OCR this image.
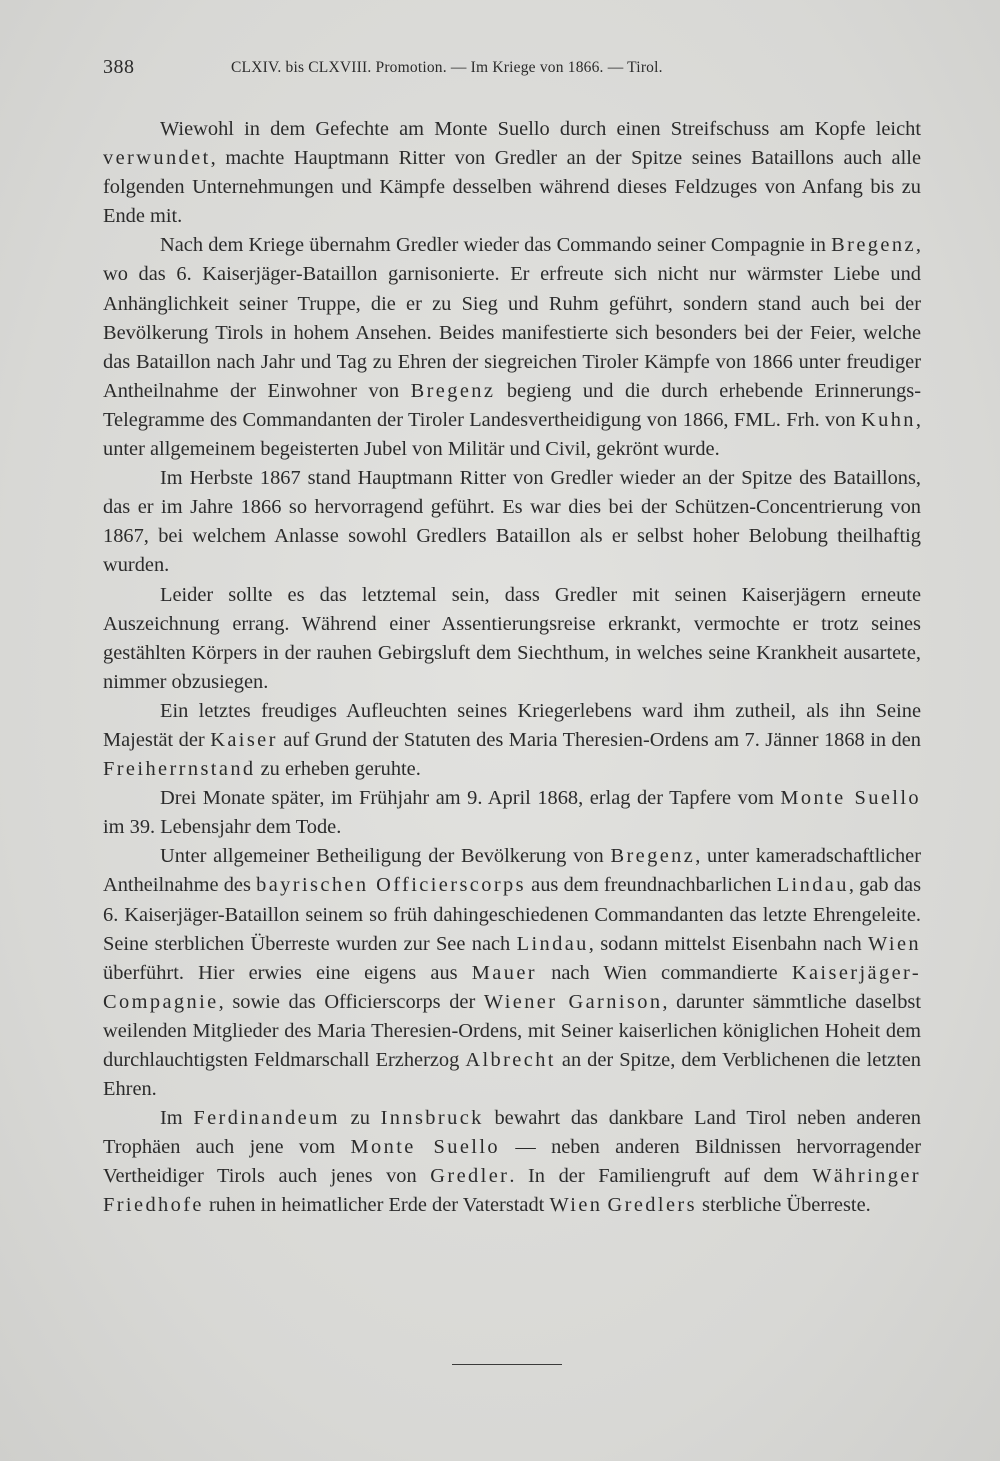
388	CLXIV. bis CLXVIII. Promotion. — Im Kriege von 1866. — Tirol.

Wiewohl in dem Gefechte am Monte Suello durch einen Streifschuss am Kopfe leicht verwundet, machte Hauptmann Ritter von Gredler an der Spitze seines Bataillons auch alle folgenden Unternehmungen und Kämpfe desselben während dieses Feldzuges von Anfang bis zu Ende mit.

Nach dem Kriege übernahm Gredler wieder das Commando seiner Compagnie in Bregenz, wo das 6. Kaiserjäger-Bataillon garnisonierte. Er erfreute sich nicht nur wärmster Liebe und Anhänglichkeit seiner Truppe, die er zu Sieg und Ruhm geführt, sondern stand auch bei der Bevölkerung Tirols in hohem Ansehen. Beides manifestierte sich besonders bei der Feier, welche das Bataillon nach Jahr und Tag zu Ehren der siegreichen Tiroler Kämpfe von 1866 unter freudiger Antheilnahme der Einwohner von Bregenz begieng und die durch erhebende Erinnerungs-Telegramme des Commandanten der Tiroler Landesvertheidigung von 1866, FML. Frh. von Kuhn, unter allgemeinem begeisterten Jubel von Militär und Civil, gekrönt wurde.

Im Herbste 1867 stand Hauptmann Ritter von Gredler wieder an der Spitze des Bataillons, das er im Jahre 1866 so hervorragend geführt. Es war dies bei der Schützen-Concentrierung von 1867, bei welchem Anlasse sowohl Gredlers Bataillon als er selbst hoher Belobung theilhaftig wurden.

Leider sollte es das letztemal sein, dass Gredler mit seinen Kaiserjägern erneute Auszeichnung errang. Während einer Assentierungsreise erkrankt, vermochte er trotz seines gestählten Körpers in der rauhen Gebirgsluft dem Siechthum, in welches seine Krankheit ausartete, nimmer obzusiegen.

Ein letztes freudiges Aufleuchten seines Kriegerlebens ward ihm zutheil, als ihn Seine Majestät der Kaiser auf Grund der Statuten des Maria Theresien-Ordens am 7. Jänner 1868 in den Freiherrnstand zu erheben geruhte.

Drei Monate später, im Frühjahr am 9. April 1868, erlag der Tapfere vom Monte Suello im 39. Lebensjahr dem Tode.

Unter allgemeiner Betheiligung der Bevölkerung von Bregenz, unter kameradschaftlicher Antheilnahme des bayrischen Officierscorps aus dem freundnachbarlichen Lindau, gab das 6. Kaiserjäger-Bataillon seinem so früh dahingeschiedenen Commandanten das letzte Ehrengeleite. Seine sterblichen Überreste wurden zur See nach Lindau, sodann mittelst Eisenbahn nach Wien überführt. Hier erwies eine eigens aus Mauer nach Wien commandierte Kaiserjäger-Compagnie, sowie das Officierscorps der Wiener Garnison, darunter sämmtliche daselbst weilenden Mitglieder des Maria Theresien-Ordens, mit Seiner kaiserlichen königlichen Hoheit dem durchlauchtigsten Feldmarschall Erzherzog Albrecht an der Spitze, dem Verblichenen die letzten Ehren.

Im Ferdinandeum zu Innsbruck bewahrt das dankbare Land Tirol neben anderen Trophäen auch jene vom Monte Suello — neben anderen Bildnissen hervorragender Vertheidiger Tirols auch jenes von Gredler. In der Familiengruft auf dem Währinger Friedhofe ruhen in heimatlicher Erde der Vaterstadt Wien Gredlers sterbliche Überreste.
